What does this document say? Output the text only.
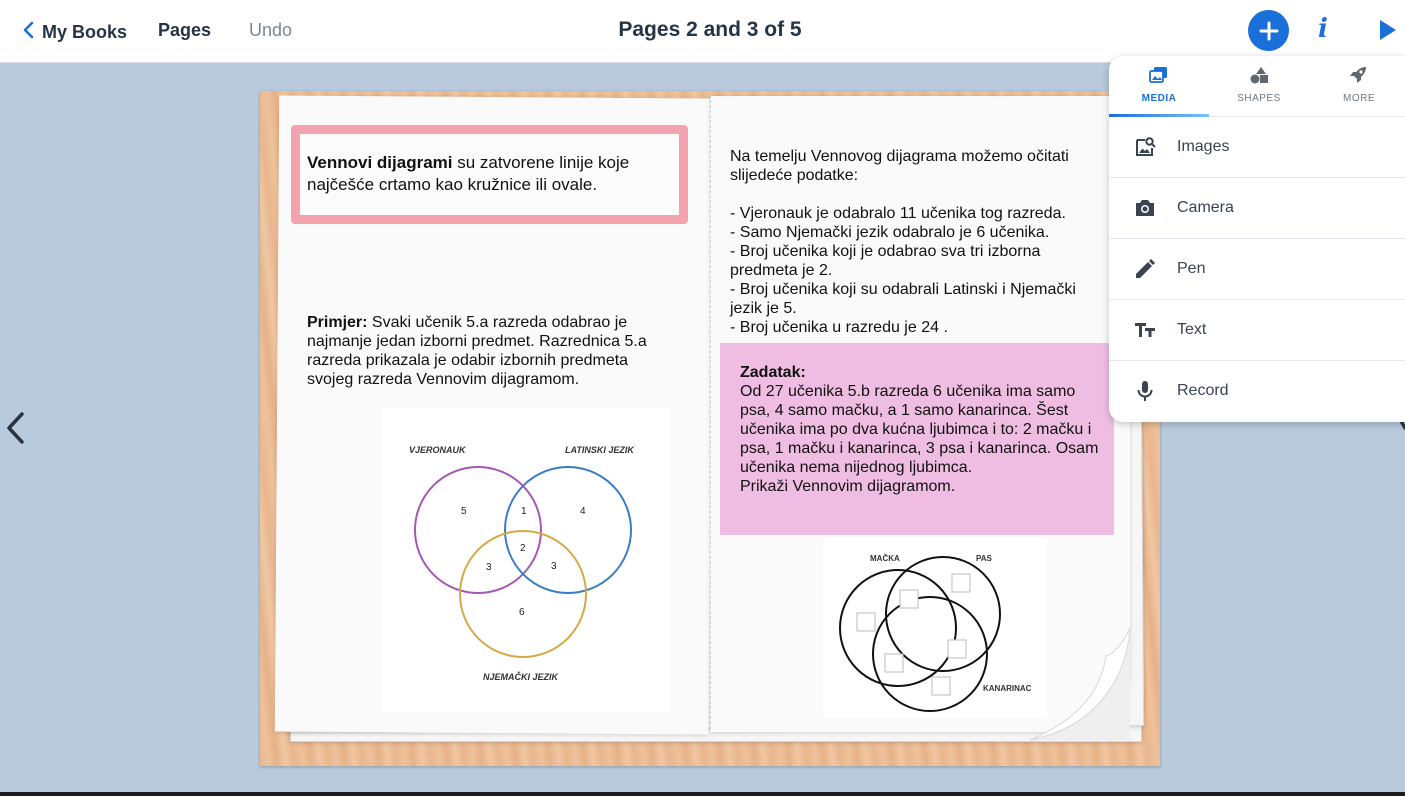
My Books Pages Undo	Pages 2 and 3 of 5	i
Vennovi dijagrami su zatvorene linije koje najčešće crtamo kao kružnice ili ovale.
Primjer: Svaki učenik 5.a razreda odabrao je najmanje jedan izborni predmet. Razrednica 5.a razreda prikazala je odabir izbornih predmeta svojeg razreda Vennovim dijagramom.
VJERONAUK	LATINSKI JEZIK
NJEMAČKI JEZIK
5	1	4
2
3	3
6
Na temelju Vennovog dijagrama možemo očitati slijedeće podatke:
- Vjeronauk je odabralo 11 učenika tog razreda.
- Samo Njemački jezik odabralo je 6 učenika.
- Broj učenika koji je odabrao sva tri izborna predmeta je 2.
- Broj učenika koji su odabrali Latinski i Njemački jezik je 5.
- Broj učenika u razredu je 24 .
Zadatak:
Od 27 učenika 5.b razreda 6 učenika ima samo psa, 4 samo mačku, a 1 samo kanarinca. Šest učenika ima po dva kućna ljubimca i to: 2 mačku i psa, 1 mačku i kanarinca, 3 psa i kanarinca. Osam učenika nema nijednog ljubimca.
Prikaži Vennovim dijagramom.
MAČKA	PAS
KANARINAC
MEDIA	SHAPES	MORE
Images
Camera
Pen
Text
Record
